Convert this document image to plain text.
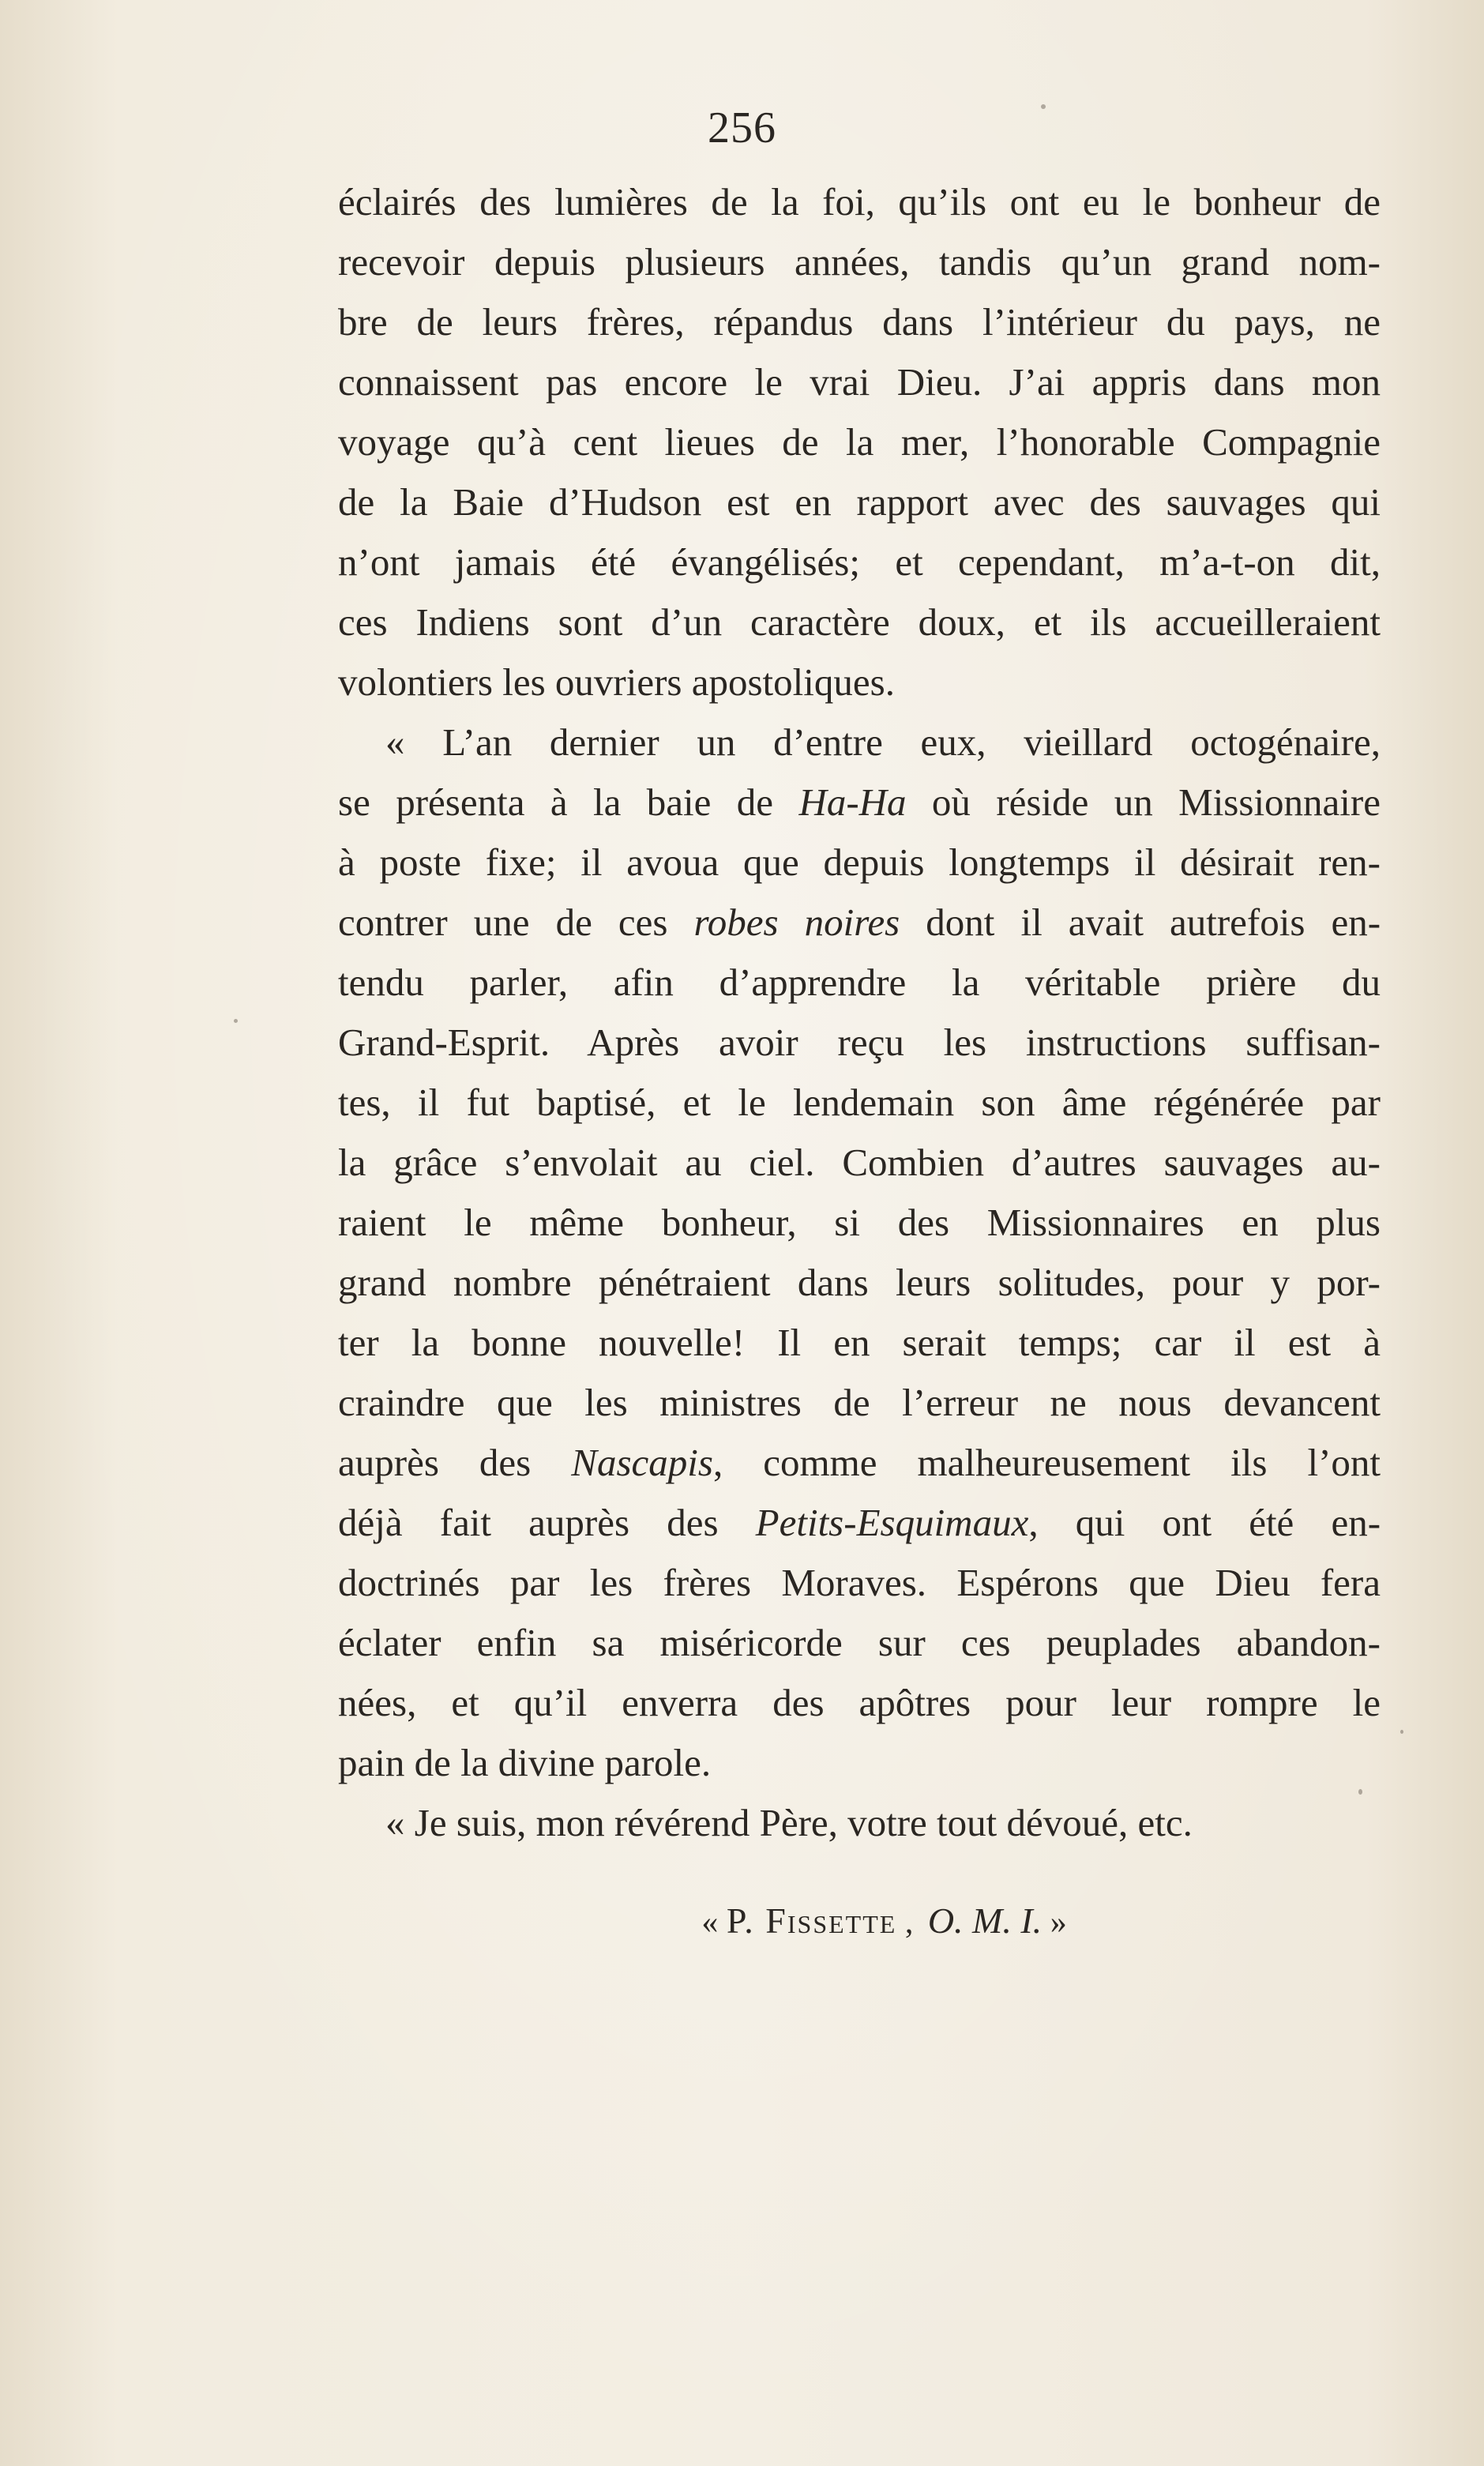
256
éclairés des lumières de la foi, qu’ils ont eu le bonheur de
recevoir depuis plusieurs années, tandis qu’un grand nom-
bre de leurs frères, répandus dans l’intérieur du pays, ne
connaissent pas encore le vrai Dieu. J’ai appris dans mon
voyage qu’à cent lieues de la mer, l’honorable Compagnie
de la Baie d’Hudson est en rapport avec des sauvages qui
n’ont jamais été évangélisés; et cependant, m’a-t-on dit,
ces Indiens sont d’un caractère doux, et ils accueilleraient
volontiers les ouvriers apostoliques.
« L’an dernier un d’entre eux, vieillard octogénaire,
se présenta à la baie de Ha-Ha où réside un Missionnaire
à poste fixe; il avoua que depuis longtemps il désirait ren-
contrer une de ces robes noires dont il avait autrefois en-
tendu parler, afin d’apprendre la véritable prière du
Grand-Esprit. Après avoir reçu les instructions suffisan-
tes, il fut baptisé, et le lendemain son âme régénérée par
la grâce s’envolait au ciel. Combien d’autres sauvages au-
raient le même bonheur, si des Missionnaires en plus
grand nombre pénétraient dans leurs solitudes, pour y por-
ter la bonne nouvelle! Il en serait temps; car il est à
craindre que les ministres de l’erreur ne nous devancent
auprès des Nascapis, comme malheureusement ils l’ont
déjà fait auprès des Petits-Esquimaux, qui ont été en-
doctrinés par les frères Moraves. Espérons que Dieu fera
éclater enfin sa miséricorde sur ces peuplades abandon-
nées, et qu’il enverra des apôtres pour leur rompre le
pain de la divine parole.
« Je suis, mon révérend Père, votre tout dévoué, etc.
« P. Fissette , O. M. I. »
